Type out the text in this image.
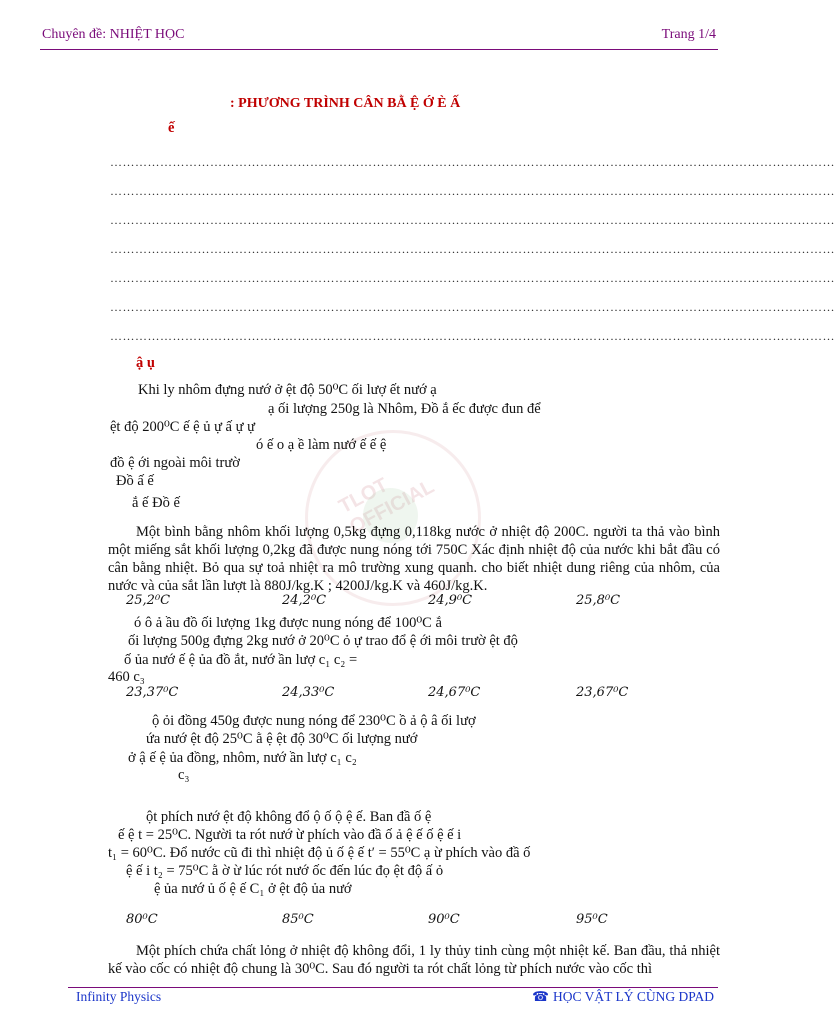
Chuyên đề: NHIỆT HỌC	Trang 1/4
: PHƯƠNG TRÌNH CÂN BẰ Ệ Ớ È Ấ
ế
…………………………………………………………………………………………………………………………………………………………
…………………………………………………………………………………………………………………………………………………………
…………………………………………………………………………………………………………………………………………………………
…………………………………………………………………………………………………………………………………………………………
…………………………………………………………………………………………………………………………………………………………
…………………………………………………………………………………………………………………………………………………………
…………………………………………………………………………………………………………………………………………………………
ậ ụ
TLOT OFFICIAL
Khi ly nhôm đựng nướ ở ệt độ 50⁰C ối lượ ết nướ ạ
ạ ối lượng 250g là Nhôm, Đồ ắ ếc được đun để
ệt độ 200⁰C ế ệ ủ ự ấ ự ự
ó ế o ạ ề làm nướ ế ế ệ
đồ ệ ới ngoài môi trườ
Đồ ấ ế
ắ ế Đồ ế
Một bình bằng nhôm khối lượng 0,5kg đựng 0,118kg nước ở nhiệt độ 200C. người ta thả vào bình một miếng sắt khối lượng 0,2kg đã được nung nóng tới 750C Xác định nhiệt độ của nước khi bắt đầu có cân bằng nhiệt. Bỏ qua sự toả nhiệt ra mô trường xung quanh. cho biết nhiệt dung riêng của nhôm, của nước và của sắt lần lượt là 880J/kg.K ; 4200J/kg.K và 460J/kg.K.
25,2⁰C	24,2⁰C	24,9⁰C	25,8⁰C
ó ô ả ầu đồ ối lượng 1kg được nung nóng để 100⁰C ắ
ối lượng 500g đựng 2kg nướ ở 20⁰C ỏ ự trao đổ ệ ới môi trườ ệt độ
ố ủa nướ ế ệ ủa đồ ắt, nướ ần lượ c₁ c₂ =
460 c₃
23,37⁰C	24,33⁰C	24,67⁰C	23,67⁰C
ộ ỏi đồng 450g được nung nóng để 230⁰C ồ ả ộ â ối lượ
ứa nướ ệt độ 25⁰C ằ ệ ệt độ 30⁰C ối lượng nướ
ở ậ ế ệ ủa đồng, nhôm, nướ ần lượ c₁ c₂
c₃
ột phích nướ ệt độ không đổ ộ ố ộ ệ ế. Ban đầ ố ệ
ế ệ t = 25⁰C. Người ta rót nướ ừ phích vào đầ ố ả ệ ế ố ệ ế i
t₁ = 60⁰C. Đổ nước cũ đi thì nhiệt độ ủ ố ệ ế t′ = 55⁰C ạ ừ phích vào đầ ố
ệ ế i t₂ = 75⁰C ằ ờ ừ lúc rót nướ ốc đến lúc đọ ệt độ ấ ỏ
ệ ủa nướ ủ ố ệ ế C₁ ở ệt độ ủa nướ
80⁰C	85⁰C	90⁰C	95⁰C
Một phích chứa chất lỏng ở nhiệt độ không đổi, 1 ly thủy tinh cùng một nhiệt kế. Ban đầu, thả nhiệt kế vào cốc có nhiệt độ chung là 30⁰C. Sau đó người ta rót chất lỏng từ phích nước vào cốc thì
Infinity Physics	☎ HỌC VẬT LÝ CÙNG DPAD
